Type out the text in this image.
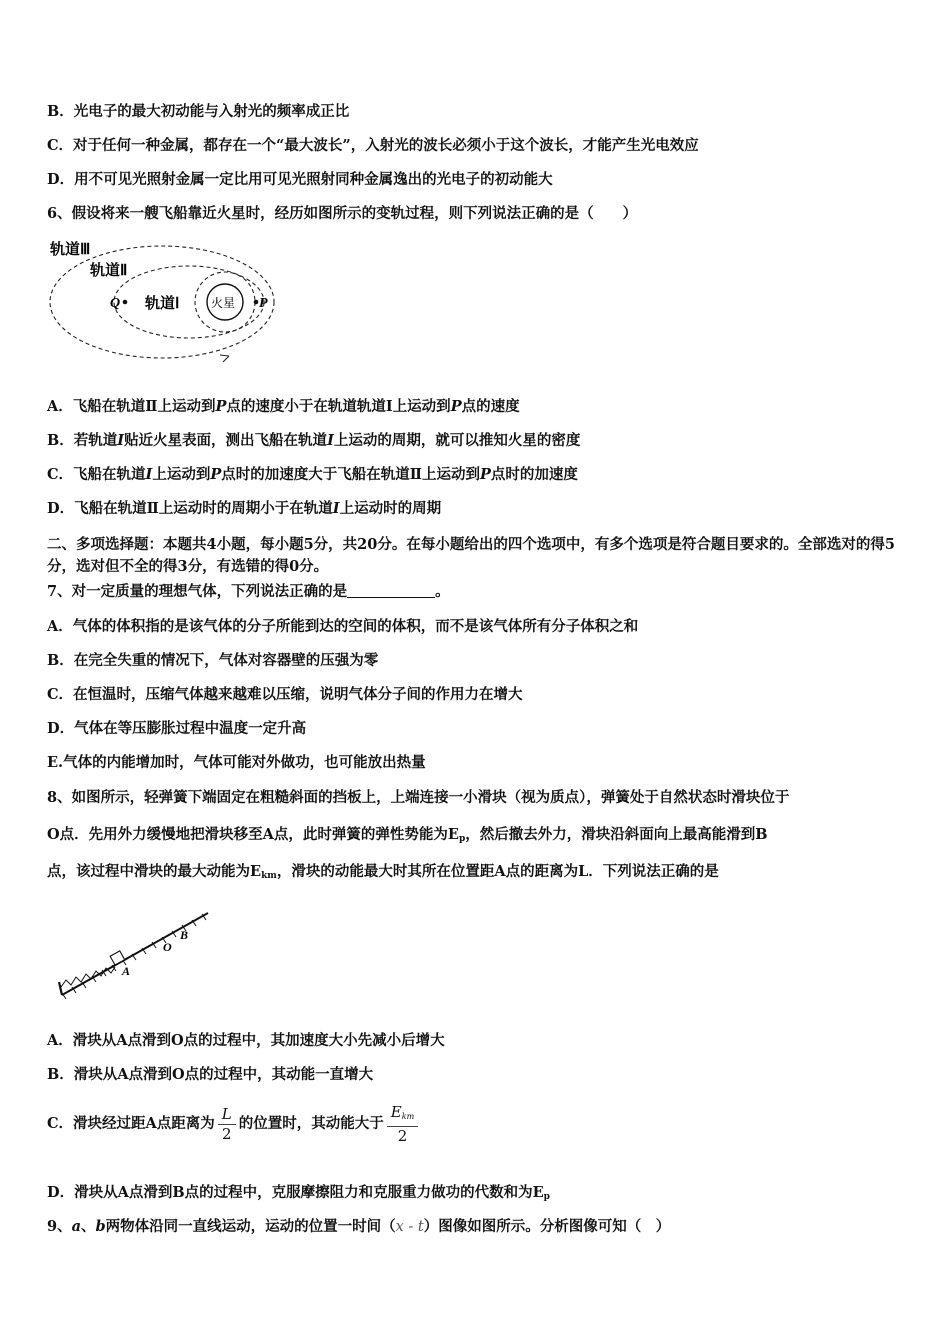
B．光电子的最大初动能与入射光的频率成正比
C．对于任何一种金属，都存在一个“最大波长”，入射光的波长必须小于这个波长，才能产生光电效应
D．用不可见光照射金属一定比用可见光照射同种金属逸出的光电子的初动能大
6、假设将来一艘飞船靠近火星时，经历如图所示的变轨过程，则下列说法正确的是（　　）
轨道Ⅲ
轨道Ⅱ
轨道Ⅰ
Q	P
火星
A．飞船在轨道Ⅱ上运动到P点的速度小于在轨道轨道Ⅰ上运动到P点的速度
B．若轨道I贴近火星表面，测出飞船在轨道I上运动的周期，就可以推知火星的密度
C．飞船在轨道I上运动到P点时的加速度大于飞船在轨道Ⅱ上运动到P点时的加速度
D．飞船在轨道Ⅱ上运动时的周期小于在轨道I上运动时的周期
二、多项选择题：本题共4小题，每小题5分，共20分。在每小题给出的四个选项中，有多个选项是符合题目要求的。全部选对的得5分，选对但不全的得3分，有选错的得0分。
7、对一定质量的理想气体，下列说法正确的是	。
A．气体的体积指的是该气体的分子所能到达的空间的体积，而不是该气体所有分子体积之和
B．在完全失重的情况下，气体对容器壁的压强为零
C．在恒温时，压缩气体越来越难以压缩，说明气体分子间的作用力在增大
D．气体在等压膨胀过程中温度一定升高
E.气体的内能增加时，气体可能对外做功，也可能放出热量
8、如图所示，轻弹簧下端固定在粗糙斜面的挡板上，上端连接一小滑块（视为质点），弹簧处于自然状态时滑块位于
O点．先用外力缓慢地把滑块移至A点，此时弹簧的弹性势能为$E_p$，然后撤去外力，滑块沿斜面向上最高能滑到B
点，该过程中滑块的最大动能为$E_{km}$，滑块的动能最大时其所在位置距A点的距离为L．下列说法正确的是
A
O
B
A．滑块从A点滑到O点的过程中，其加速度大小先减小后增大
B．滑块从A点滑到O点的过程中，其动能一直增大
C．滑块经过距A点距离为 $\frac{L}{2}$ 的位置时，其动能大于 $\frac{\text{Ekm}}{2}$
D．滑块从A点滑到B点的过程中，克服摩擦阻力和克服重力做功的代数和为$E_p$
9、a、b两物体沿同一直线运动，运动的位置一时间（x - t）图像如图所示。分析图像可知（　）
